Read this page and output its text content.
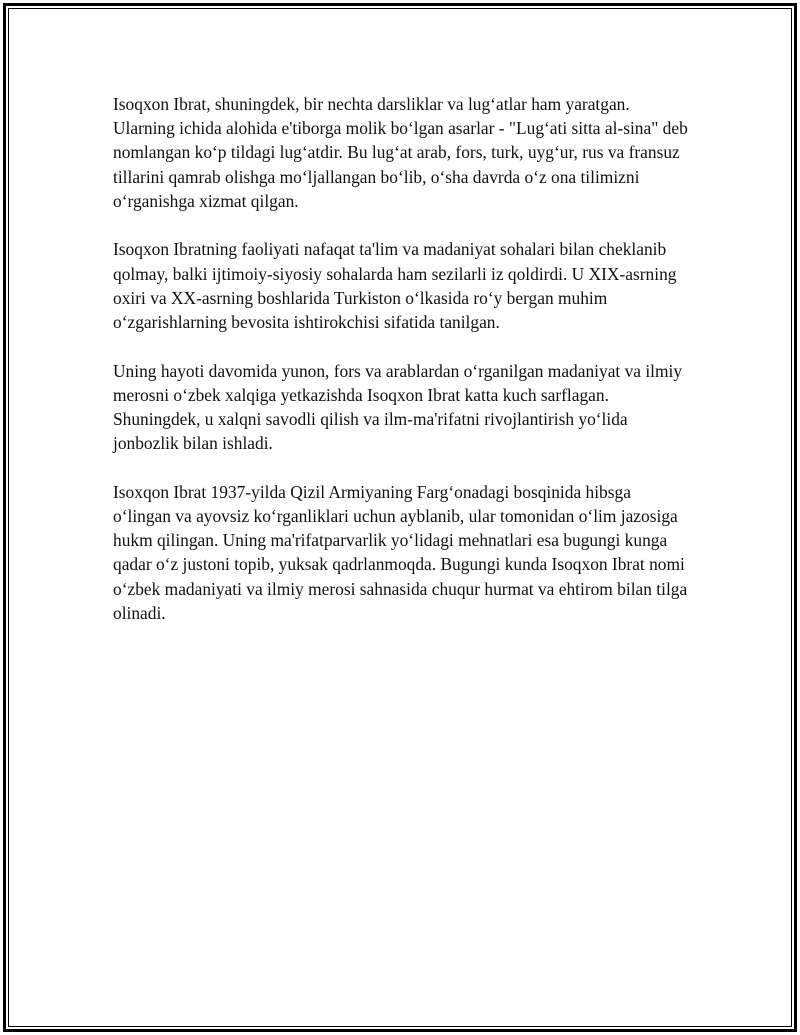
Isoqxon Ibrat, shuningdek, bir nechta darsliklar va lug‘atlar ham yaratgan. Ularning ichida alohida e'tiborga molik bo‘lgan asarlar - "Lug‘ati sitta al-sina" deb nomlangan ko‘p tildagi lug‘atdir. Bu lug‘at arab, fors, turk, uyg‘ur, rus va fransuz tillarini qamrab olishga mo‘ljallangan bo‘lib, o‘sha davrda o‘z ona tilimizni o‘rganishga xizmat qilgan.

Isoqxon Ibratning faoliyati nafaqat ta'lim va madaniyat sohalari bilan cheklanib qolmay, balki ijtimoiy-siyosiy sohalarda ham sezilarli iz qoldirdi. U XIX-asrning oxiri va XX-asrning boshlarida Turkiston o‘lkasida ro‘y bergan muhim o‘zgarishlarning bevosita ishtirokchisi sifatida tanilgan.

Uning hayoti davomida yunon, fors va arablardan o‘rganilgan madaniyat va ilmiy merosni o‘zbek xalqiga yetkazishda Isoqxon Ibrat katta kuch sarflagan. Shuningdek, u xalqni savodli qilish va ilm-ma'rifatni rivojlantirish yo‘lida jonbozlik bilan ishladi.

Isoxqon Ibrat 1937-yilda Qizil Armiyaning Farg‘onadagi bosqinida hibsga o‘lingan va ayovsiz ko‘rganliklari uchun ayblanib, ular tomonidan o‘lim jazosiga hukm qilingan. Uning ma'rifatparvarlik yo‘lidagi mehnatlari esa bugungi kunga qadar o‘z justoni topib, yuksak qadrlanmoqda. Bugungi kunda Isoqxon Ibrat nomi o‘zbek madaniyati va ilmiy merosi sahnasida chuqur hurmat va ehtirom bilan tilga olinadi.
